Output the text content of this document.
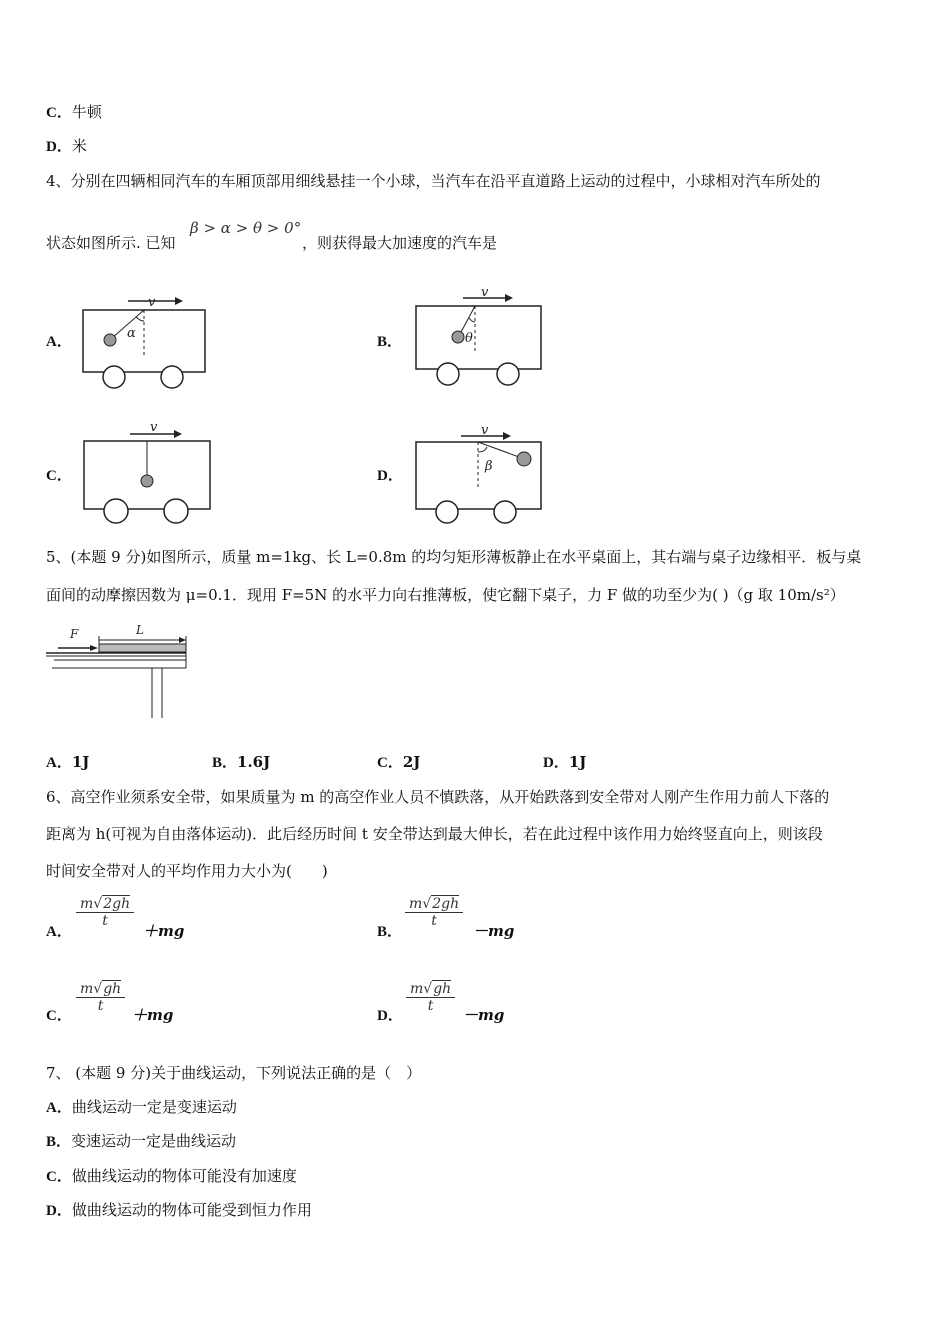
C．牛顿
D．米
4、分别在四辆相同汽车的车厢顶部用细线悬挂一个小球，当汽车在沿平直道路上运动的过程中，小球相对汽车所处的
状态如图所示. 已知
β > α > θ > 0°
，则获得最大加速度的汽车是
A．
v
α
B．
v
θ
C．
v
D．
v
β
5、(本题 9 分)如图所示，质量 m=1kg、长 L=0.8m 的均匀矩形薄板静止在水平桌面上，其右端与桌子边缘相平．板与桌
面间的动摩擦因数为 μ=0.1．现用 F=5N 的水平力向右推薄板，使它翻下桌子，力 F 做的功至少为( )（g 取 10m/s²）
F	L
A．1J	B．1.6J	C．2J	D．1J
6、高空作业须系安全带，如果质量为 m 的高空作业人员不慎跌落，从开始跌落到安全带对人刚产生作用力前人下落的
距离为 h(可视为自由落体运动)．此后经历时间 t 安全带达到最大伸长，若在此过程中该作用力始终竖直向上，则该段
时间安全带对人的平均作用力大小为(　　)
A．
$\frac{m√2gh}{t}$
＋mg	B．
$\frac{m√2gh}{t}$
－mg
C．
$\frac{m√gh}{t}$
＋mg	D．
$\frac{m√gh}{t}$
－mg
7、 (本题 9 分)关于曲线运动，下列说法正确的是（　）
A．曲线运动一定是变速运动
B．变速运动一定是曲线运动
C．做曲线运动的物体可能没有加速度
D．做曲线运动的物体可能受到恒力作用
